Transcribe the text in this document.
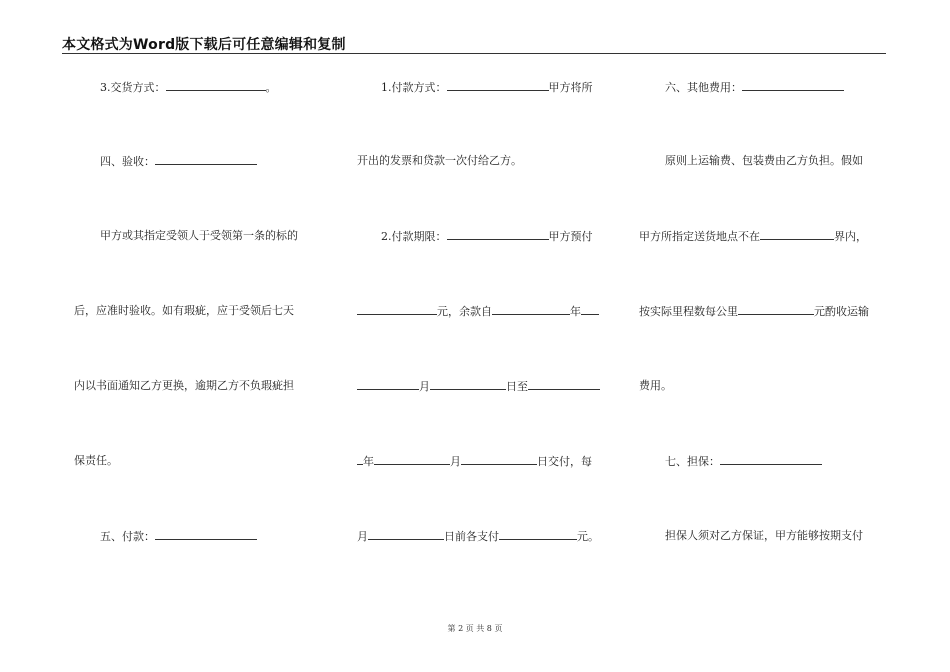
本文格式为Word版下载后可任意编辑和复制
3.交货方式：	。
四、验收：
甲方或其指定受领人于受领第一条的标的
后，应准时验收。如有瑕疵，应于受领后七天
内以书面通知乙方更换，逾期乙方不负瑕疵担
保责任。
五、付款：
1.付款方式：	甲方将所
开出的发票和贷款一次付给乙方。
2.付款期限：	甲方预付
元，余款自	年
月	日至
年	月	日交付，每
月	日前各支付	元。
六、其他费用：
原则上运输费、包装费由乙方负担。假如
甲方所指定送货地点不在	界内，
按实际里程数每公里	元酌收运输
费用。
七、担保：
担保人须对乙方保证，甲方能够按期支付
第 2 页 共 8 页
